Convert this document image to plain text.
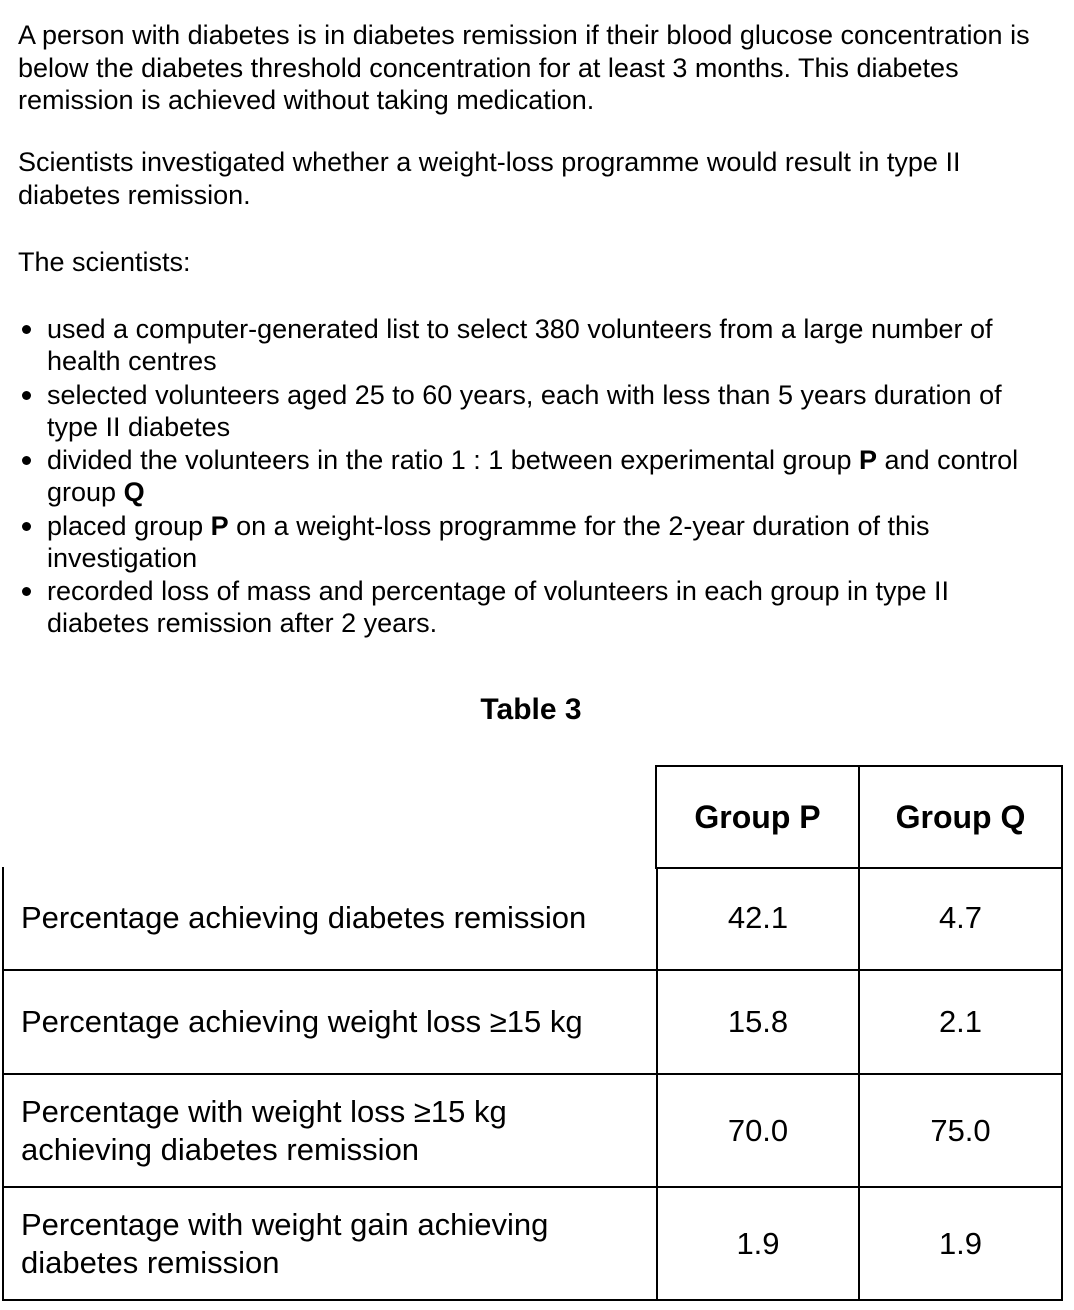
A person with diabetes is in diabetes remission if their blood glucose concentration is
below the diabetes threshold concentration for at least 3 months. This diabetes
remission is achieved without taking medication.
Scientists investigated whether a weight-loss programme would result in type II
diabetes remission.
The scientists:
used a computer-generated list to select 380 volunteers from a large number of
health centres
selected volunteers aged 25 to 60 years, each with less than 5 years duration of
type II diabetes
divided the volunteers in the ratio 1 : 1 between experimental group P and control
group Q
placed group P on a weight-loss programme for the 2-year duration of this
investigation
recorded loss of mass and percentage of volunteers in each group in type II
diabetes remission after 2 years.
Table 3
Group P	Group Q
Percentage achieving diabetes remission	42.1	4.7
Percentage achieving weight loss ≥15 kg	15.8	2.1
Percentage with weight loss ≥15 kg
achieving diabetes remission
70.0	75.0
Percentage with weight gain achieving
diabetes remission
1.9	1.9
